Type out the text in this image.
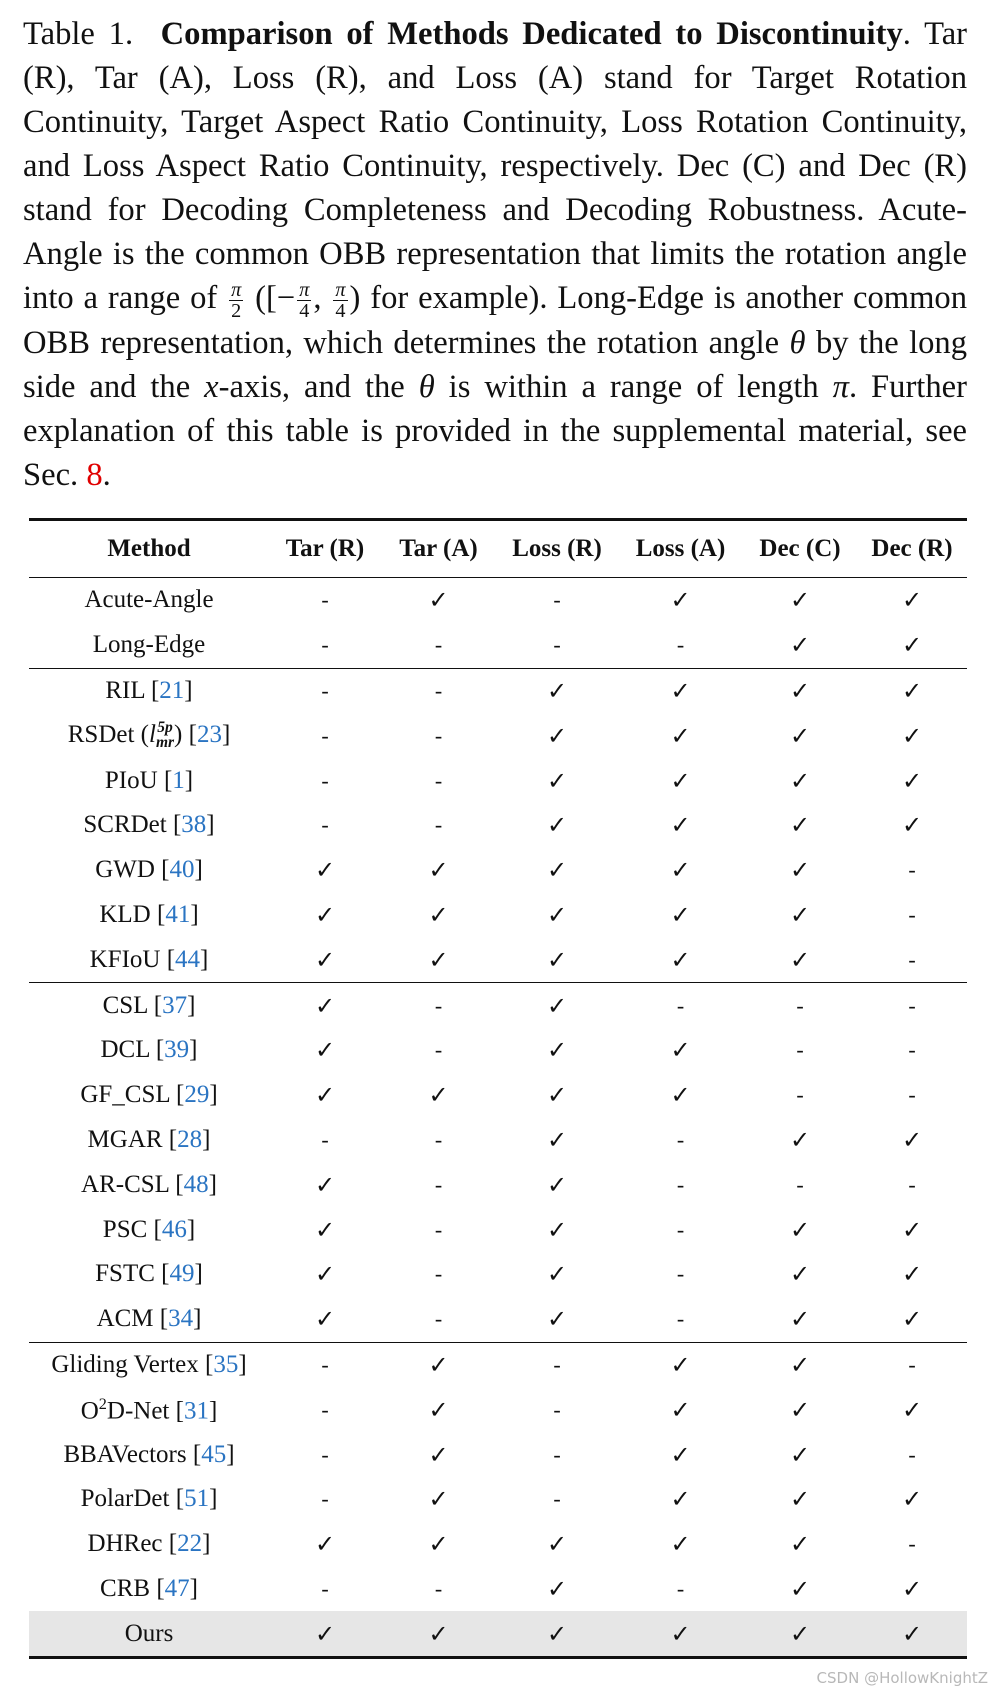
Table 1. Comparison of Methods Dedicated to Discontinuity. Tar (R), Tar (A), Loss (R), and Loss (A) stand for Target Rotation Continuity, Target Aspect Ratio Continuity, Loss Rotation Continuity, and Loss Aspect Ratio Continuity, respectively. Dec (C) and Dec (R) stand for Decoding Completeness and Decoding Robustness. Acute-Angle is the common OBB representation that limits the rotation angle into a range of $\frac{\pi}{2}$ ([− $\frac{\pi}{4}$ , $\frac{\pi}{4}$ ) for example). Long-Edge is another common OBB representation, which determines the rotation angle θ by the long side and the x-axis, and the θ is within a range of length π. Further explanation of this table is provided in the supplemental material, see Sec. 8.
Method	Tar (R)	Tar (A)	Loss (R)	Loss (A)	Dec (C)	Dec (R)
Acute-Angle	-	✓	-	✓	✓	✓
Long-Edge	-	-	-	-	✓	✓
RIL [21]	-	-	✓	✓	✓	✓
RSDet (l 5p
mr ) [23]	-	-	✓	✓	✓	✓
PIoU [1]	-	-	✓	✓	✓	✓
SCRDet [38]	-	-	✓	✓	✓	✓
GWD [40]	✓	✓	✓	✓	✓	-
KLD [41]	✓	✓	✓	✓	✓	-
KFIoU [44]	✓	✓	✓	✓	✓	-
CSL [37]	✓	-	✓	-	-	-
DCL [39]	✓	-	✓	✓	-	-
GF_CSL [29]	✓	✓	✓	✓	-	-
MGAR [28]	-	-	✓	-	✓	✓
AR-CSL [48]	✓	-	✓	-	-	-
PSC [46]	✓	-	✓	-	✓	✓
FSTC [49]	✓	-	✓	-	✓	✓
ACM [34]	✓	-	✓	-	✓	✓
Gliding Vertex [35]	-	✓	-	✓	✓	-
$O^2D$-Net [31]	-	✓	-	✓	✓	✓
BBAVectors [45]	-	✓	-	✓	✓	-
PolarDet [51]	-	✓	-	✓	✓	✓
DHRec [22]	✓	✓	✓	✓	✓	-
CRB [47]	-	-	✓	-	✓	✓
Ours	✓	✓	✓	✓	✓	✓
CSDN @HollowKnightZ
